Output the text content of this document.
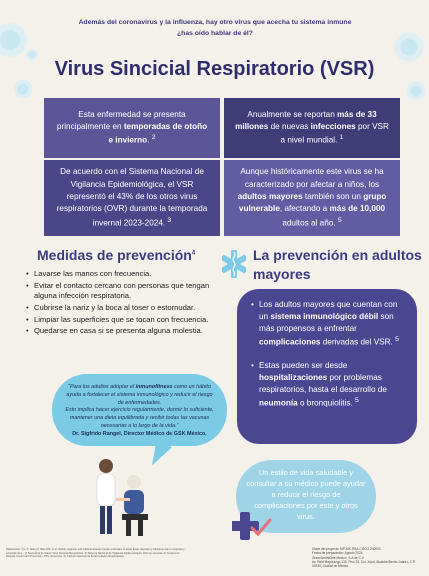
Además del coronavirus y la influenza, hay otro virus que acecha tu sistema inmune
¿has oído hablar de él?
Virus Sincicial Respiratorio (VSR)
Esta enfermedad se presenta principalmente en temporadas de otoño e invierno. $^2$
Anualmente se reportan más de 33 millones de nuevas infecciones por VSR a nivel mundial. $^1$
De acuerdo con el Sistema Nacional de Vigilancia Epidemiológica, el VSR representó el 43% de los otros virus respiratorios (OVR) durante la temporada invernal 2023-2024. $^3$
Aunque históricamente este virus se ha caracterizado por afectar a niños, los adultos mayores también son un grupo vulnerable, afectando a más de 10,000 adultos al año. $^5$
Medidas de prevención$^4$	La prevención en adultos mayores
• Lavarse las manos con frecuencia.
• Evitar el contacto cercano con personas que tengan alguna infección respiratoria.
• Cubrirse la nariz y la boca al toser o estornudar.
• Limpiar las superficies que se tocan con frecuencia.
• Quedarse en casa si se presenta alguna molestia.
• Los adultos mayores que cuentan con un sistema inmunológico débil son más propensos a enfrentar complicaciones derivadas del VSR. $^5$
• Estas pueden ser desde hospitalizaciones por problemas respiratorios, hasta el desarrollo de neumonía o bronquiolitis. $^5$
“Para los adultos adoptar el inmunofitness como un hábito ayuda a fortalecer el sistema inmunológico y reducir el riesgo de enfermedades.
Esto implica hacer ejercicio regularmente, dormir lo suficiente, mantener una dieta equilibrada y recibir todas las vacunas necesarias a lo largo de la vida.”
Dr. Sigfrido Rangel, Director Médico de GSK México.
Un estilo de vida saludable y consultar a su médico puede ayudar a reducir el riesgo de complicaciones por este y otros virus.
Referencias: 1) Li Y, Wang X, Blau DM, et al. Global, regional, and national disease burden estimates of acute lower respiratory infections due to respiratory syncytial virus... 2) Secretaría de Salud. Virus Sincicial Respiratorio. 3) Sistema Nacional de Vigilancia Epidemiológica. Informe semanal. 4) Centers for Disease Control and Prevention. RSV prevention. 5) Instituto Nacional de Enfermedades Respiratorias.
Clave del proyecto: MP-MX-RSA-COCO-240001
Fecha de preparación: Agosto 2024
GlaxoSmithKline México, S.A de C.V
Av. Reid Mayorazgo 130, Piso 25, Col. Xoco, Alcaldía Benito Juárez, C.P. 03330, Ciudad de México.
